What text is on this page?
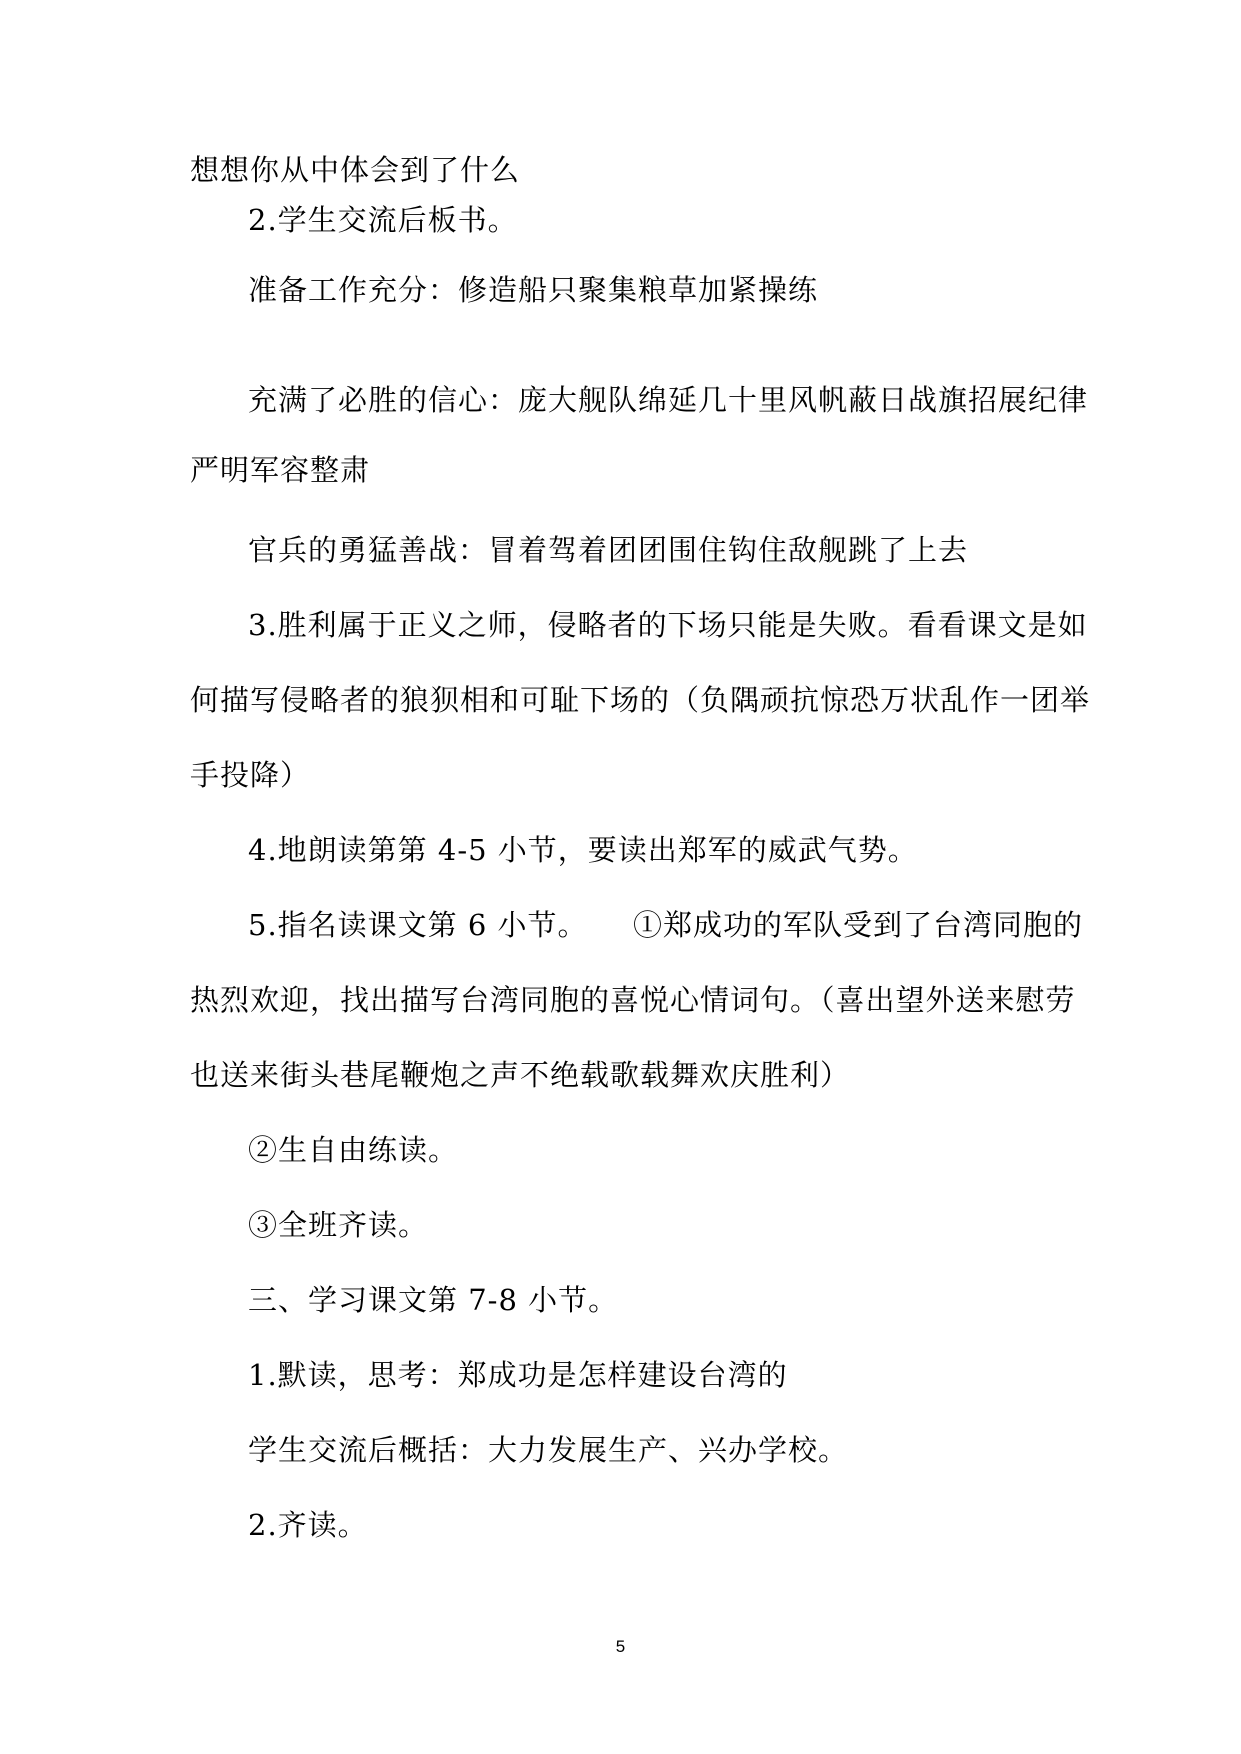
想想你从中体会到了什么
2.学生交流后板书。
准备工作充分：修造船只聚集粮草加紧操练
充满了必胜的信心：庞大舰队绵延几十里风帆蔽日战旗招展纪律
严明军容整肃
官兵的勇猛善战：冒着驾着团团围住钩住敌舰跳了上去
3.胜利属于正义之师，侵略者的下场只能是失败。看看课文是如
何描写侵略者的狼狈相和可耻下场的（负隅顽抗惊恐万状乱作一团举
手投降）
4.地朗读第第 4-5 小节，要读出郑军的威武气势。
5.指名读课文第 6 小节。　　①郑成功的军队受到了台湾同胞的
热烈欢迎，找出描写台湾同胞的喜悦心情词句。（喜出望外送来慰劳
也送来街头巷尾鞭炮之声不绝载歌载舞欢庆胜利）
②生自由练读。
③全班齐读。
三、学习课文第 7-8 小节。
1.默读，思考：郑成功是怎样建设台湾的
学生交流后概括：大力发展生产、兴办学校。
2.齐读。
5
